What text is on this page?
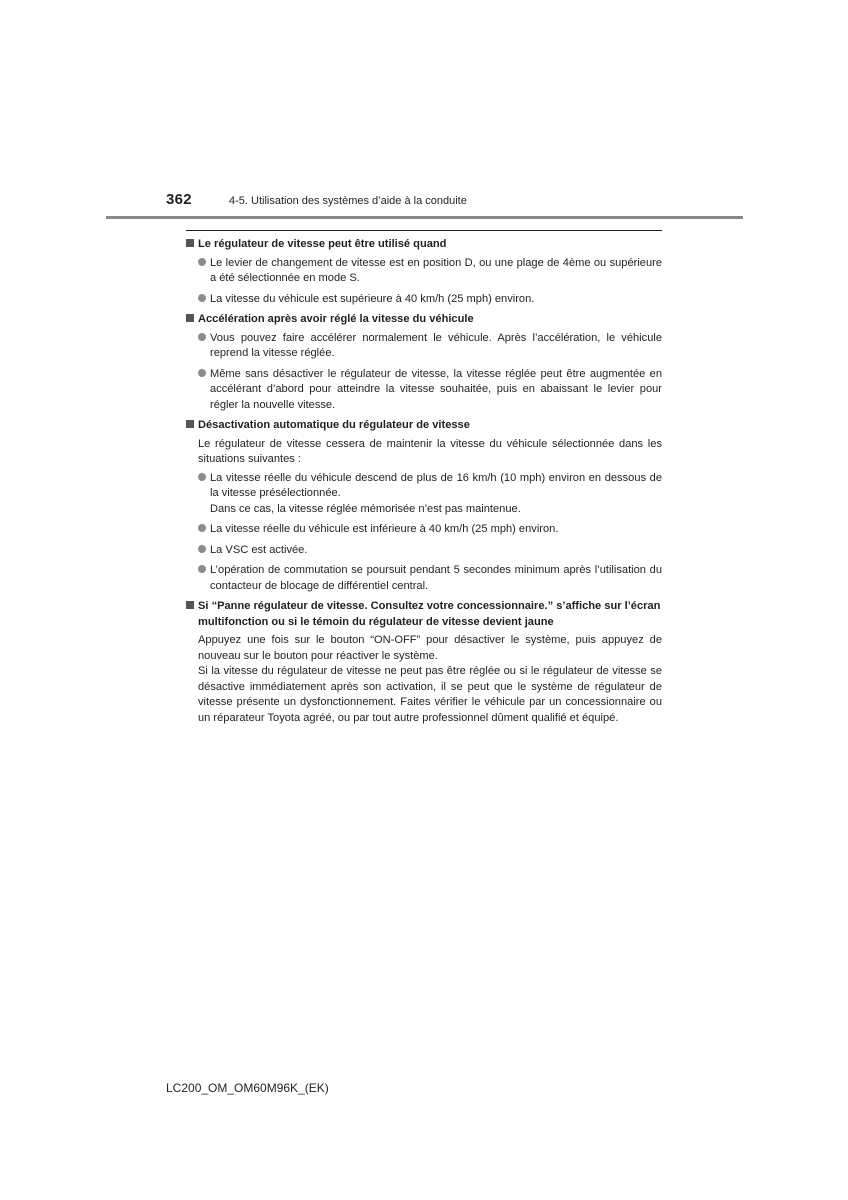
362	4-5. Utilisation des systèmes d’aide à la conduite
Le régulateur de vitesse peut être utilisé quand
Le levier de changement de vitesse est en position D, ou une plage de 4ème ou supérieure a été sélectionnée en mode S.
La vitesse du véhicule est supérieure à 40 km/h (25 mph) environ.
Accélération après avoir réglé la vitesse du véhicule
Vous pouvez faire accélérer normalement le véhicule. Après l’accélération, le véhicule reprend la vitesse réglée.
Même sans désactiver le régulateur de vitesse, la vitesse réglée peut être augmentée en accélérant d’abord pour atteindre la vitesse souhaitée, puis en abaissant le levier pour régler la nouvelle vitesse.
Désactivation automatique du régulateur de vitesse
Le régulateur de vitesse cessera de maintenir la vitesse du véhicule sélectionnée dans les situations suivantes :
La vitesse réelle du véhicule descend de plus de 16 km/h (10 mph) environ en dessous de la vitesse présélectionnée.
Dans ce cas, la vitesse réglée mémorisée n’est pas maintenue.
La vitesse réelle du véhicule est inférieure à 40 km/h (25 mph) environ.
La VSC est activée.
L’opération de commutation se poursuit pendant 5 secondes minimum après l’utilisation du contacteur de blocage de différentiel central.
Si “Panne régulateur de vitesse. Consultez votre concessionnaire.” s’affiche sur l’écran multifonction ou si le témoin du régulateur de vitesse devient jaune
Appuyez une fois sur le bouton “ON-OFF” pour désactiver le système, puis appuyez de nouveau sur le bouton pour réactiver le système.
Si la vitesse du régulateur de vitesse ne peut pas être réglée ou si le régulateur de vitesse se désactive immédiatement après son activation, il se peut que le système de régulateur de vitesse présente un dysfonctionnement. Faites vérifier le véhicule par un concessionnaire ou un réparateur Toyota agréé, ou par tout autre professionnel dûment qualifié et équipé.
LC200_OM_OM60M96K_(EK)
